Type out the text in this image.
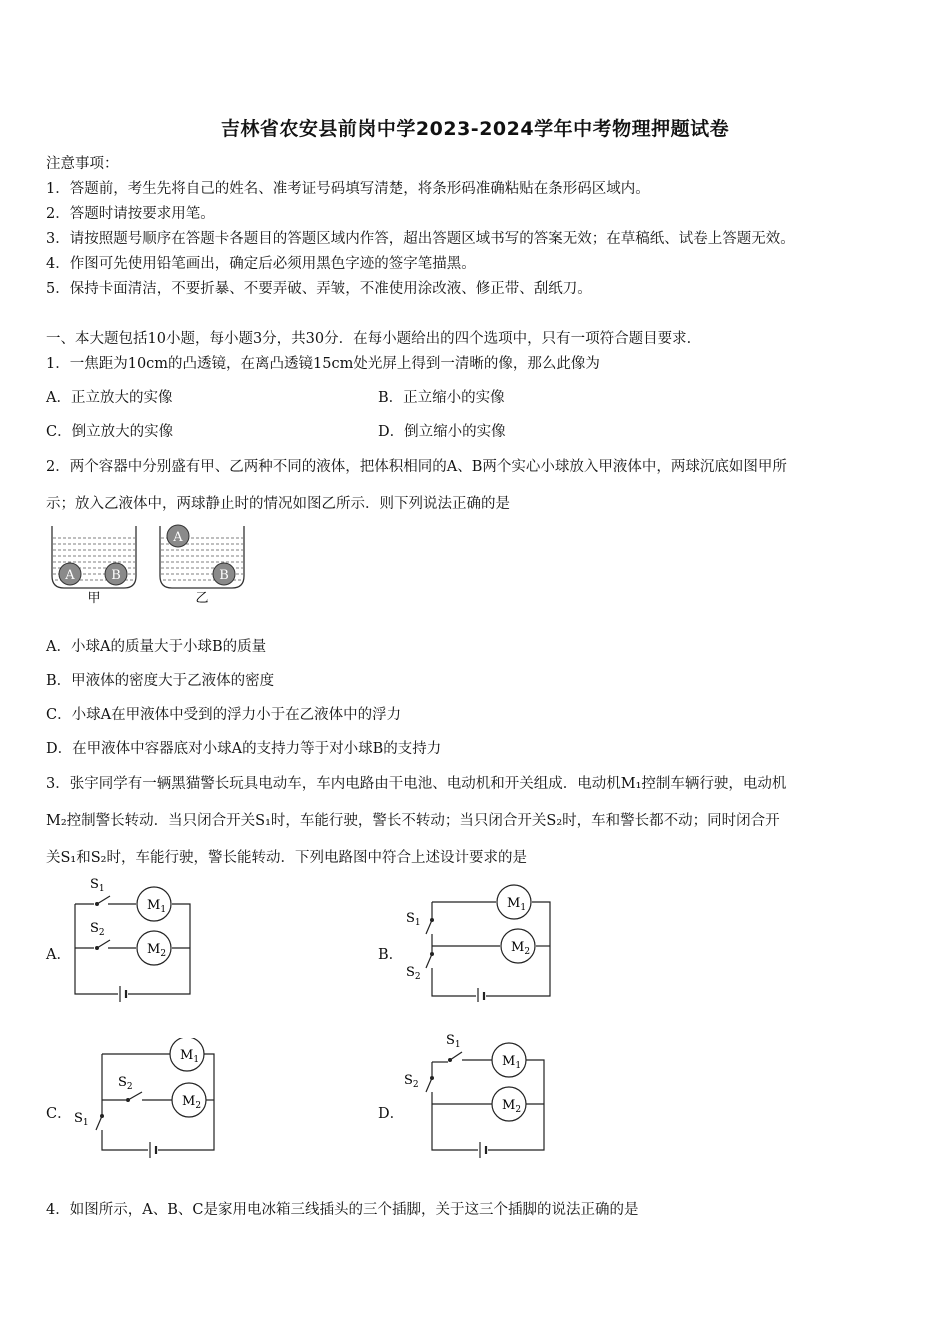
吉林省农安县前岗中学2023-2024学年中考物理押题试卷
注意事项：
1．答题前，考生先将自己的姓名、准考证号码填写清楚，将条形码准确粘贴在条形码区域内。
2．答题时请按要求用笔。
3．请按照题号顺序在答题卡各题目的答题区域内作答，超出答题区域书写的答案无效；在草稿纸、试卷上答题无效。
4．作图可先使用铅笔画出，确定后必须用黑色字迹的签字笔描黑。
5．保持卡面清洁，不要折暴、不要弄破、弄皱，不准使用涂改液、修正带、刮纸刀。
一、本大题包括10小题，每小题3分，共30分．在每小题给出的四个选项中，只有一项符合题目要求．
1．一焦距为10cm的凸透镜，在离凸透镜15cm处光屏上得到一清晰的像，那么此像为
A．正立放大的实像	B．正立缩小的实像
C．倒立放大的实像	D．倒立缩小的实像
2．两个容器中分别盛有甲、乙两种不同的液体，把体积相同的A、B两个实心小球放入甲液体中，两球沉底如图甲所
示；放入乙液体中，两球静止时的情况如图乙所示．则下列说法正确的是
A	B
A
B
甲	乙
A．小球A的质量大于小球B的质量
B．甲液体的密度大于乙液体的密度
C．小球A在甲液体中受到的浮力小于在乙液体中的浮力
D．在甲液体中容器底对小球A的支持力等于对小球B的支持力
3．张宇同学有一辆黑猫警长玩具电动车，车内电路由干电池、电动机和开关组成．电动机M₁控制车辆行驶，电动机
M₂控制警长转动．当只闭合开关S₁时，车能行驶，警长不转动；当只闭合开关S₂时，车和警长都不动；同时闭合开
关S₁和S₂时，车能行驶，警长能转动．下列电路图中符合上述设计要求的是
A．
$S_1$
$S_2$
$M_1$
$M_2$	B．
$S_1$
$S_2$
$M_1$
$M_2$
C．
$S_2$
$S_1$
$M_1$
$M_2$	D．
$S_1$
$S_2$
$M_1$
$M_2$
4．如图所示，A、B、C是家用电冰箱三线插头的三个插脚，关于这三个插脚的说法正确的是
